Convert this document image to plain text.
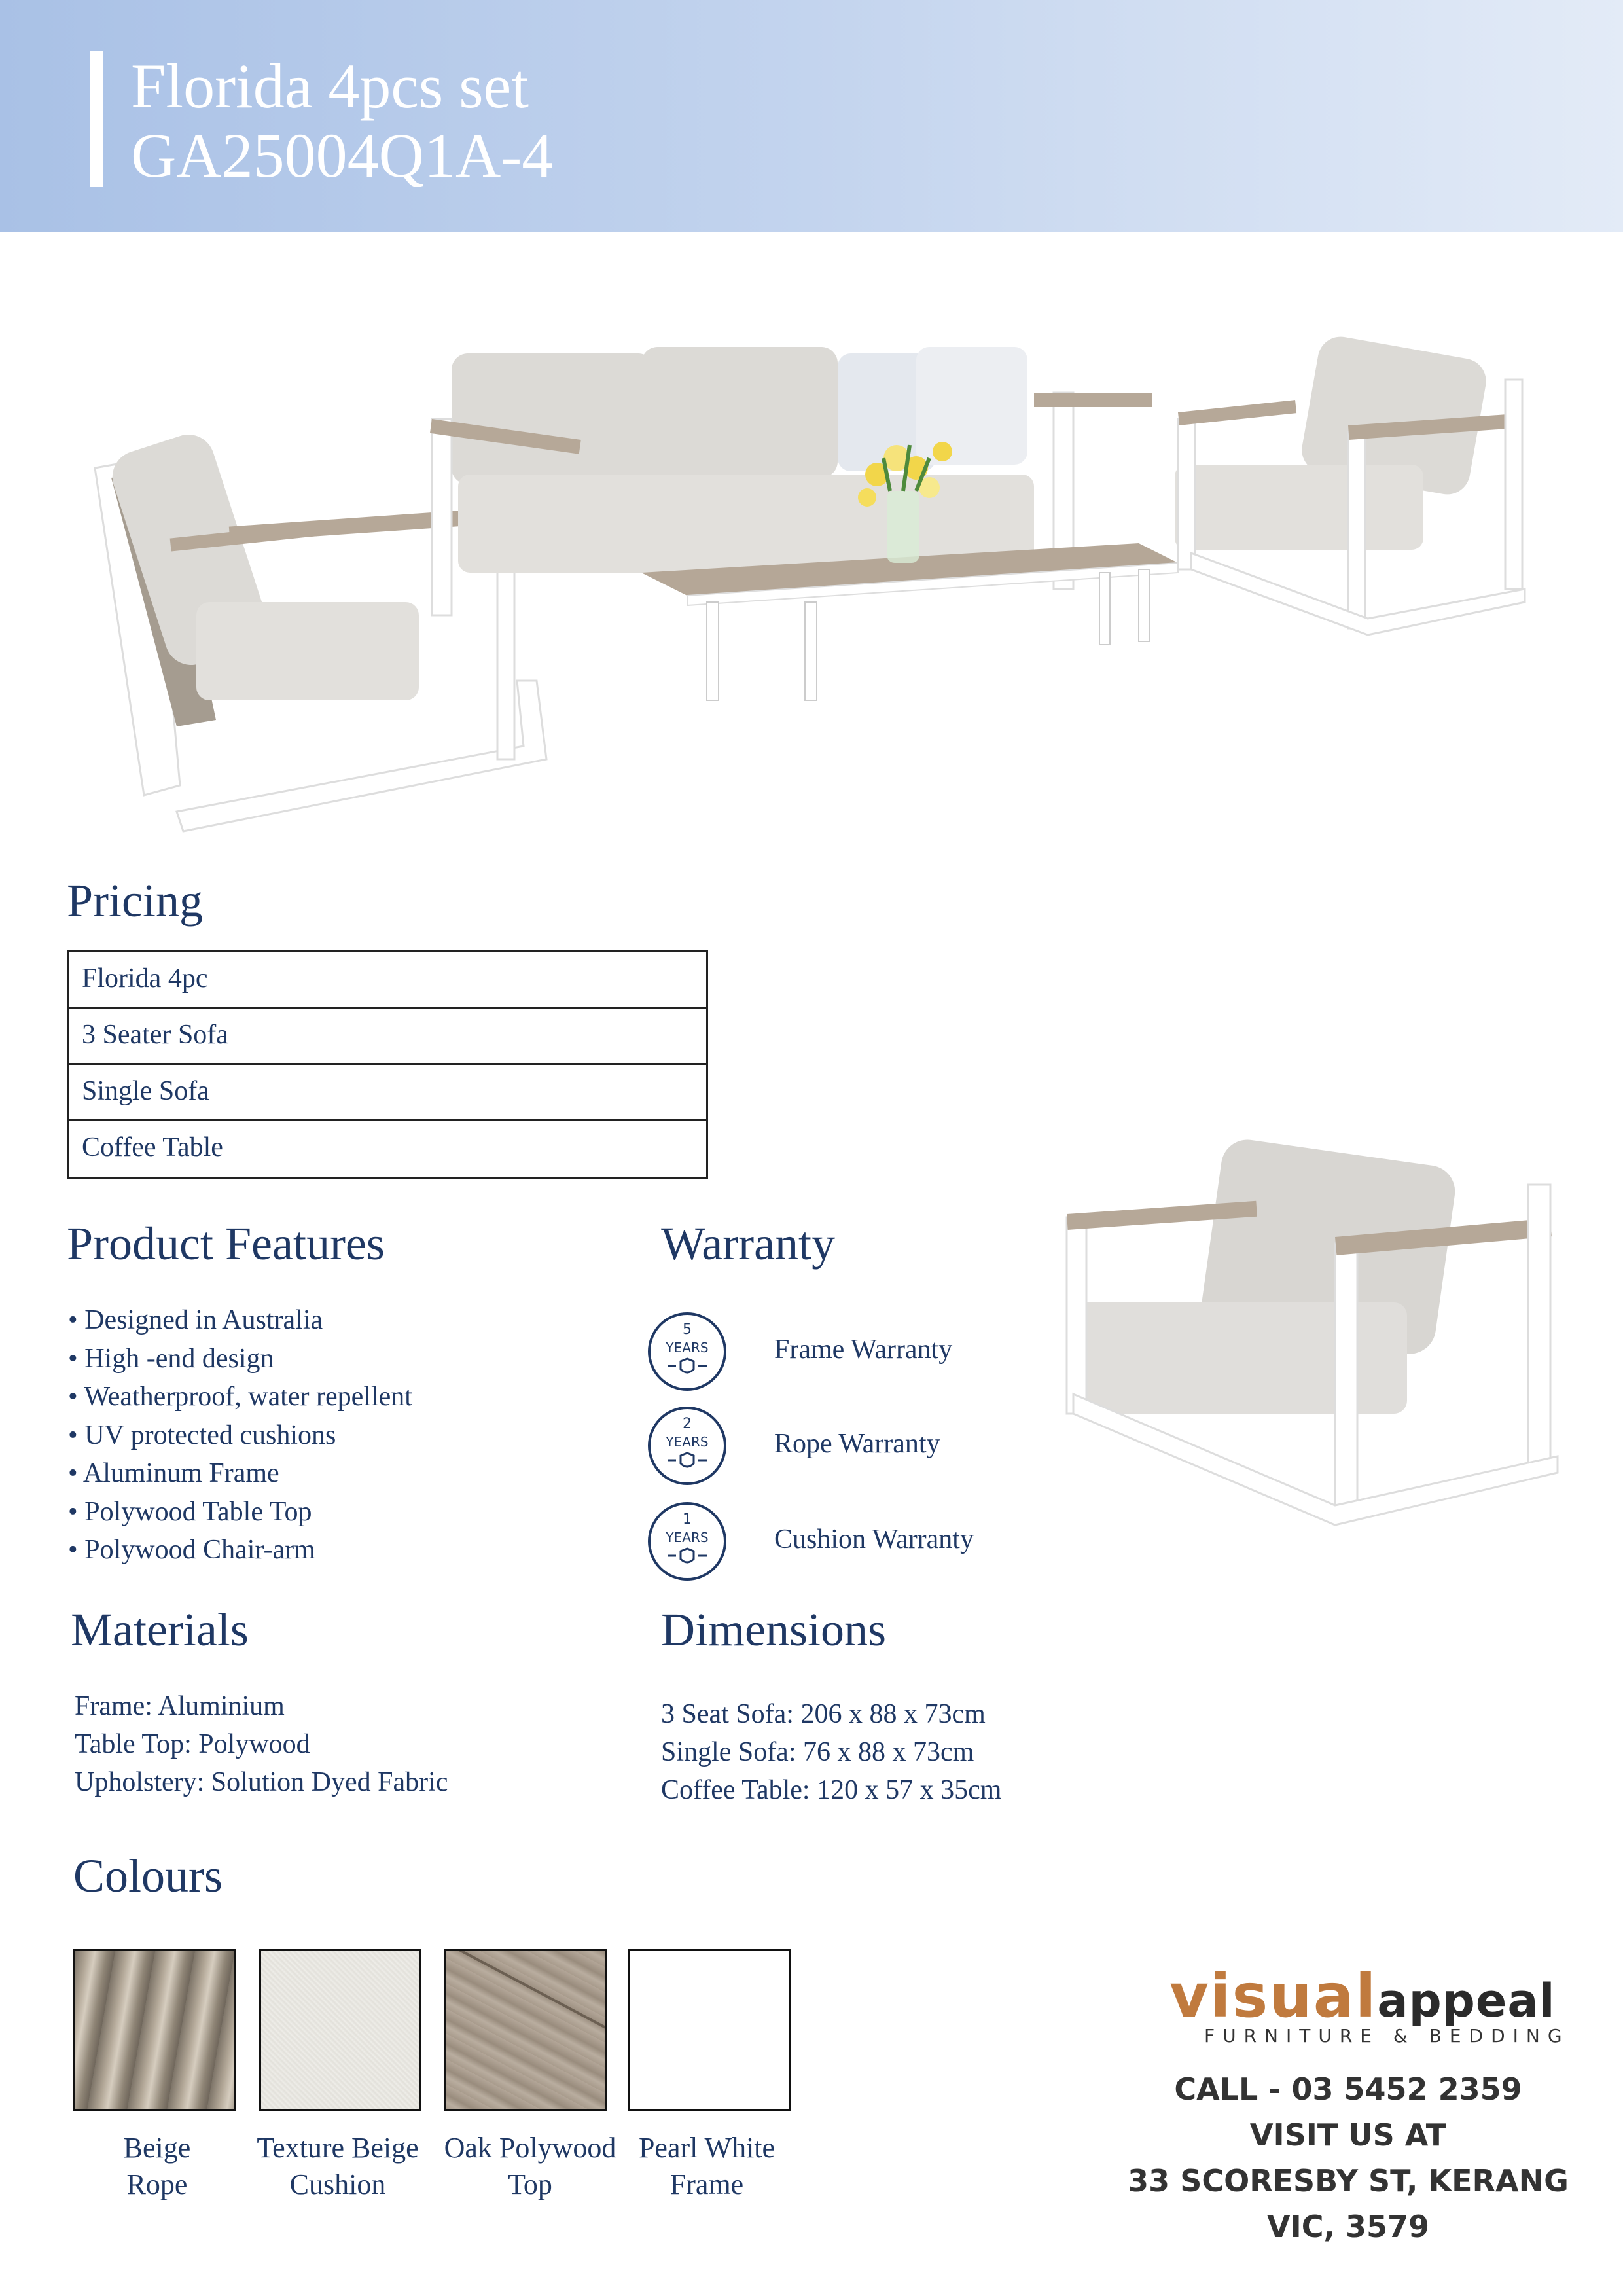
Florida 4pcs set
GA25004Q1A-4
Pricing
Florida 4pc
3 Seater Sofa
Single Sofa
Coffee Table
Product Features
• Designed in Australia
• High -end design
• Weatherproof, water repellent
• UV protected cushions
• Aluminum Frame
• Polywood Table Top
• Polywood Chair-arm
Warranty
5
YEARS Frame Warranty
2
YEARS Rope Warranty
1
YEARS Cushion Warranty
Materials
Frame: Aluminium
Table Top: Polywood
Upholstery: Solution Dyed Fabric
Dimensions
3 Seat Sofa: 206 x 88 x 73cm
Single Sofa: 76 x 88 x 73cm
Coffee Table: 120 x 57 x 35cm
Colours
Beige
Rope
Texture Beige
Cushion
Oak Polywood
Top
Pearl White
Frame
visualappeal
FURNITURE & BEDDING
CALL - 03 5452 2359
VISIT US AT
33 SCORESBY ST, KERANG
VIC, 3579
